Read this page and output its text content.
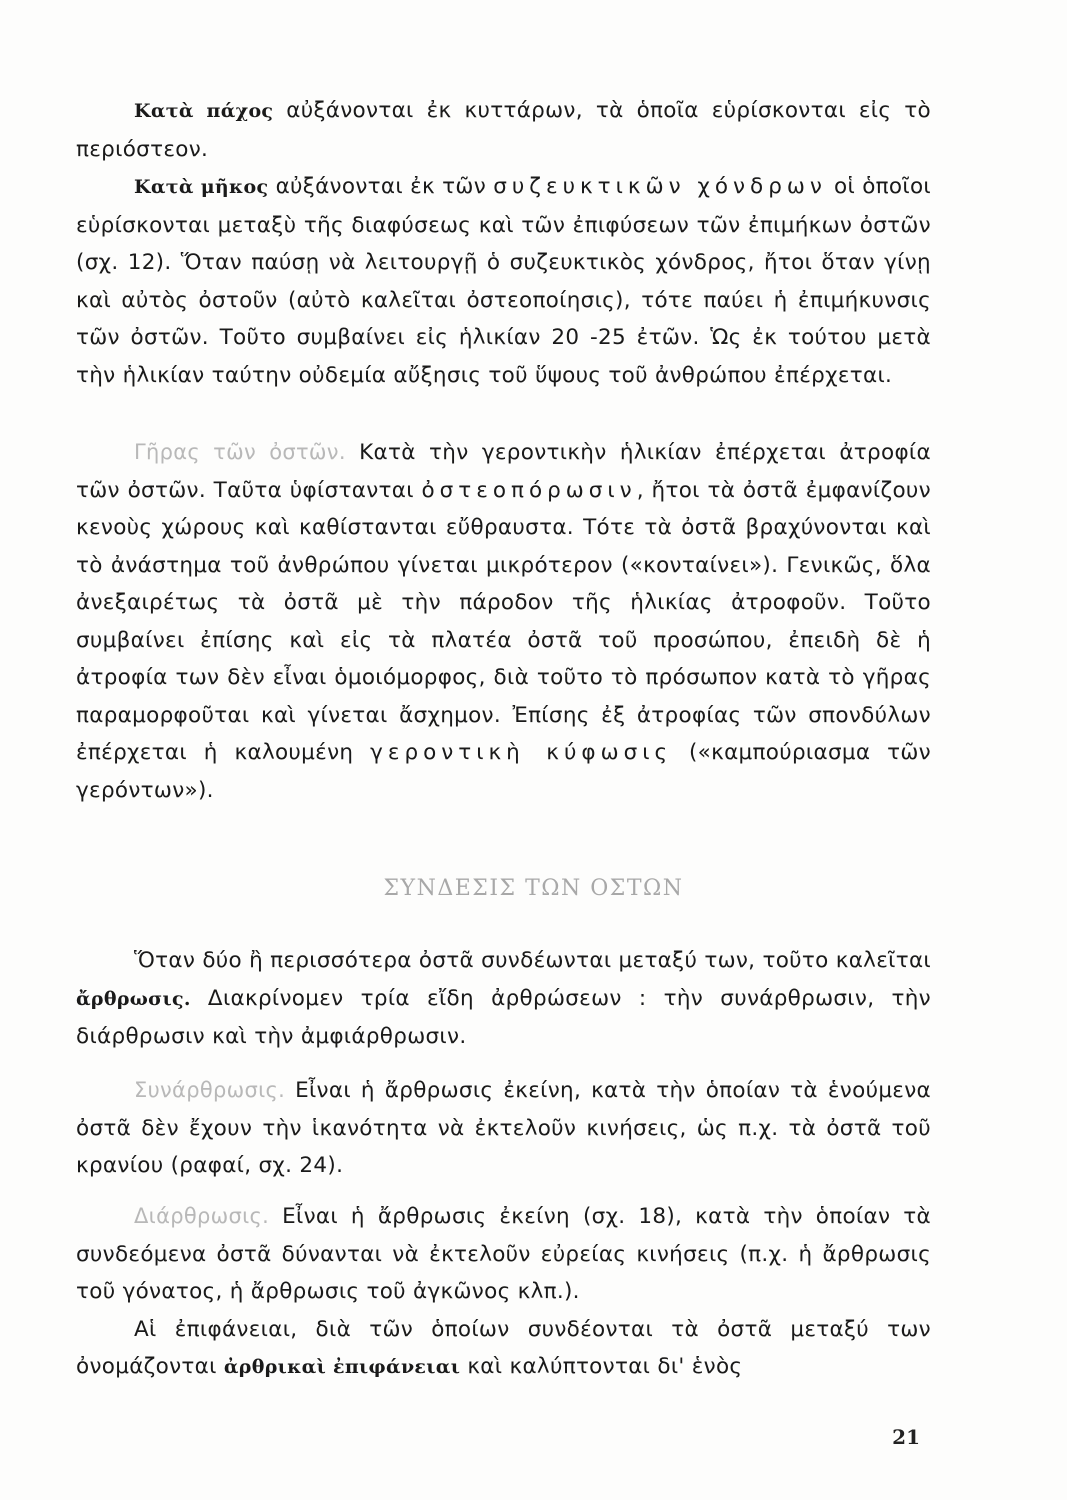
Κατὰ πάχος αὐξάνονται ἐκ κυττάρων, τὰ ὁποῖα εὑρίσκονται εἰς τὸ περιόστεον.

Κατὰ μῆκος αὐξάνονται ἐκ τῶν συζευκτικῶν χόνδρων οἱ ὁποῖοι εὑρίσκονται μεταξὺ τῆς διαφύσεως καὶ τῶν ἐπιφύσεων τῶν ἐπιμήκων ὀστῶν (σχ. 12). Ὅταν παύσῃ νὰ λειτουργῇ ὁ συζευκτικὸς χόνδρος, ἤτοι ὅταν γίνῃ καὶ αὐτὸς ὀστοῦν (αὐτὸ καλεῖται ὀστεοποίησις), τότε παύει ἡ ἐπιμήκυνσις τῶν ὀστῶν. Τοῦτο συμβαίνει εἰς ἡλικίαν 20 -25 ἐτῶν. Ὡς ἐκ τούτου μετὰ τὴν ἡλικίαν ταύτην οὐδεμία αὔξησις τοῦ ὕψους τοῦ ἀνθρώπου ἐπέρχεται.

Γῆρας τῶν ὀστῶν. Κατὰ τὴν γεροντικὴν ἡλικίαν ἐπέρχεται ἀτροφία τῶν ὀστῶν. Ταῦτα ὑφίστανται ὀστεοπόρωσιν, ἤτοι τὰ ὀστᾶ ἐμφανίζουν κενοὺς χώρους καὶ καθίστανται εὔθραυστα. Τότε τὰ ὀστᾶ βραχύνονται καὶ τὸ ἀνάστημα τοῦ ἀνθρώπου γίνεται μικρότερον («κονταίνει»). Γενικῶς, ὅλα ἀνεξαιρέτως τὰ ὀστᾶ μὲ τὴν πάροδον τῆς ἡλικίας ἀτροφοῦν. Τοῦτο συμβαίνει ἐπίσης καὶ εἰς τὰ πλατέα ὀστᾶ τοῦ προσώπου, ἐπειδὴ δὲ ἡ ἀτροφία των δὲν εἶναι ὁμοιόμορφος, διὰ τοῦτο τὸ πρόσωπον κατὰ τὸ γῆρας παραμορφοῦται καὶ γίνεται ἄσχημον. Ἐπίσης ἐξ ἀτροφίας τῶν σπονδύλων ἐπέρχεται ἡ καλουμένη γεροντικὴ κύφωσις («καμπούριασμα τῶν γερόντων»).

ΣΥΝΔΕΣΙΣ ΤΩΝ ΟΣΤΩΝ

Ὅταν δύο ἢ περισσότερα ὀστᾶ συνδέωνται μεταξύ των, τοῦτο καλεῖται ἄρθρωσις. Διακρίνομεν τρία εἴδη ἀρθρώσεων : τὴν συνάρθρωσιν, τὴν διάρθρωσιν καὶ τὴν ἀμφιάρθρωσιν.

Συνάρθρωσις. Εἶναι ἡ ἄρθρωσις ἐκείνη, κατὰ τὴν ὁποίαν τὰ ἑνούμενα ὀστᾶ δὲν ἔχουν τὴν ἱκανότητα νὰ ἐκτελοῦν κινήσεις, ὡς π.χ. τὰ ὀστᾶ τοῦ κρανίου (ραφαί, σχ. 24).

Διάρθρωσις. Εἶναι ἡ ἄρθρωσις ἐκείνη (σχ. 18), κατὰ τὴν ὁποίαν τὰ συνδεόμενα ὀστᾶ δύνανται νὰ ἐκτελοῦν εὐρείας κινήσεις (π.χ. ἡ ἄρθρωσις τοῦ γόνατος, ἡ ἄρθρωσις τοῦ ἀγκῶνος κλπ.).

Αἱ ἐπιφάνειαι, διὰ τῶν ὁποίων συνδέονται τὰ ὀστᾶ μεταξύ των ὀνομάζονται ἀρθρικαὶ ἐπιφάνειαι καὶ καλύπτονται δι' ἑνὸς

21
